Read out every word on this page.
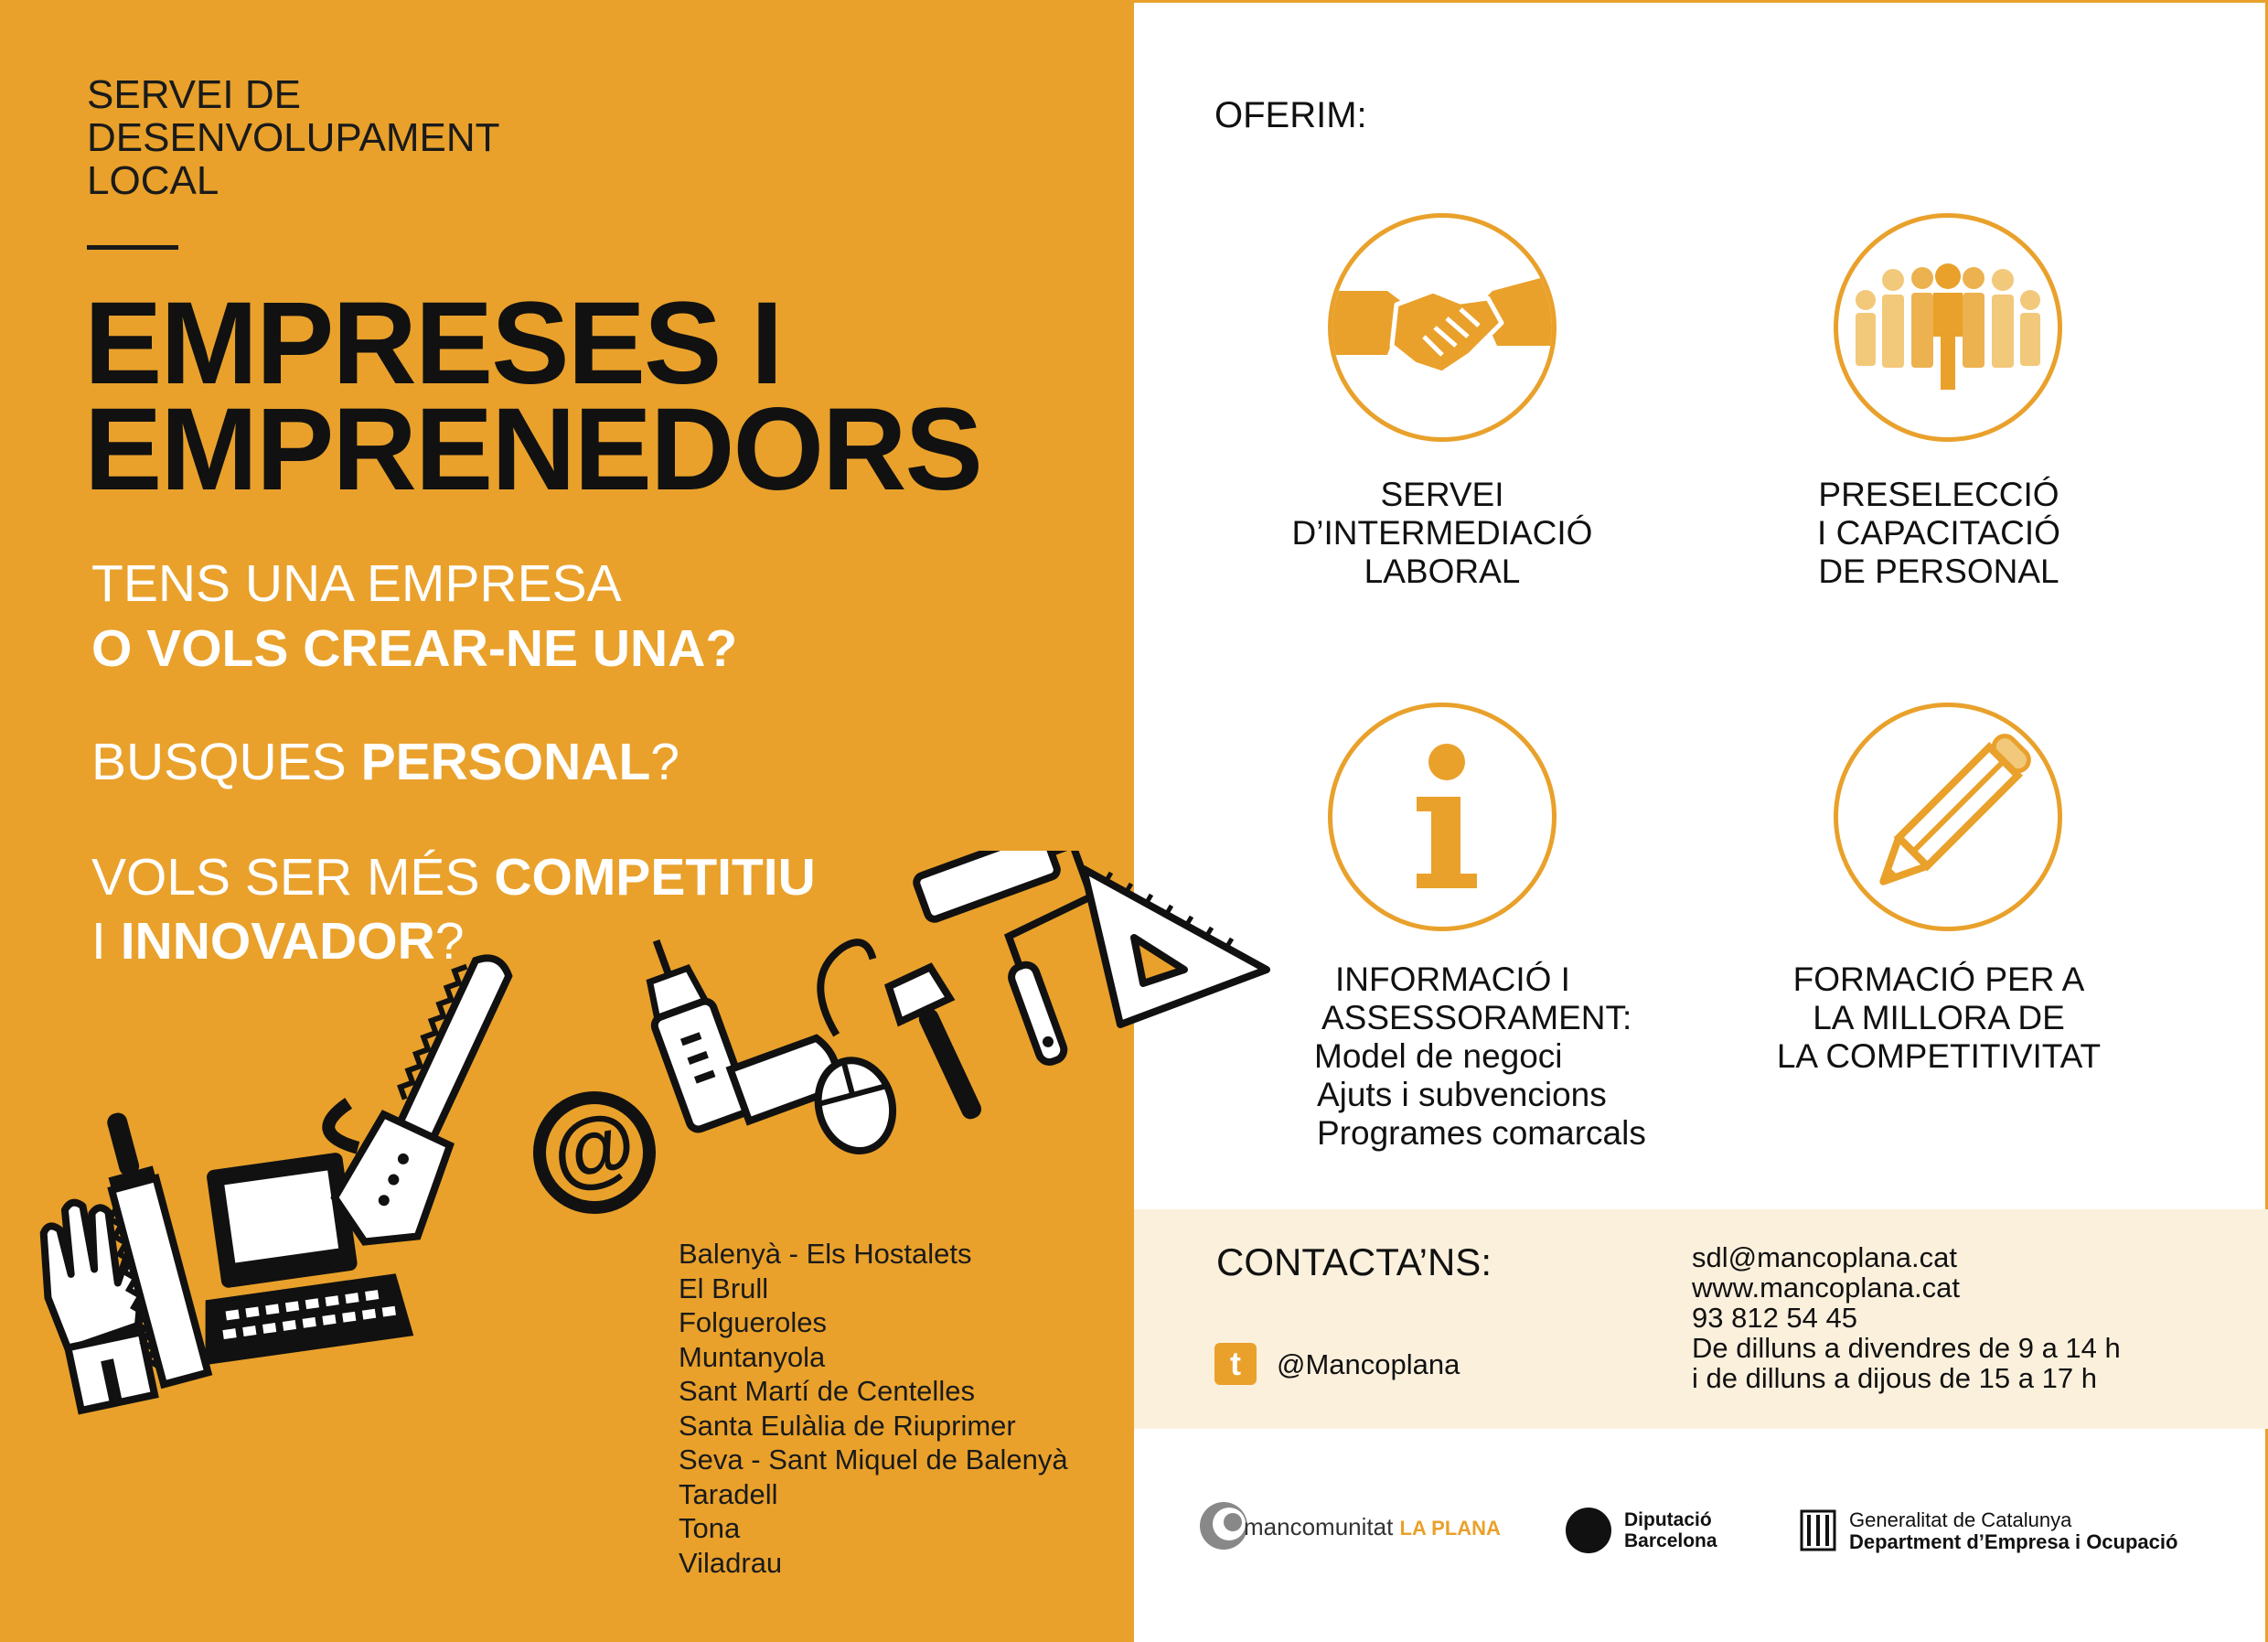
SERVEI DE
DESENVOLUPAMENT
LOCAL
EMPRESES I
EMPRENEDORS
TENS UNA EMPRESA
O VOLS CREAR-NE UNA?
BUSQUES PERSONAL?
VOLS SER MÉS COMPETITIU
I INNOVADOR?
Balenyà - Els Hostalets
El Brull
Folgueroles
Muntanyola
Sant Martí de Centelles
Santa Eulàlia de Riuprimer
Seva - Sant Miquel de Balenyà
Taradell
Tona
Viladrau
@
OFERIM:
SERVEI
D’INTERMEDIACIÓ
LABORAL
PRESELECCIÓ
I CAPACITACIÓ
DE PERSONAL
INFORMACIÓ I
ASSESSORAMENT:
Model de negoci
Ajuts i subvencions
Programes comarcals
FORMACIÓ PER A
LA MILLORA DE
LA COMPETITIVITAT
CONTACTA’NS:
t	@Mancoplana
sdl@mancoplana.cat
www.mancoplana.cat
93 812 54 45
De dilluns a divendres de 9 a 14 h
i de dilluns a dijous de 15 a 17 h
mancomunitat LA PLANA	Diputació
Barcelona
Generalitat de Catalunya
Department d’Empresa i Ocupació
